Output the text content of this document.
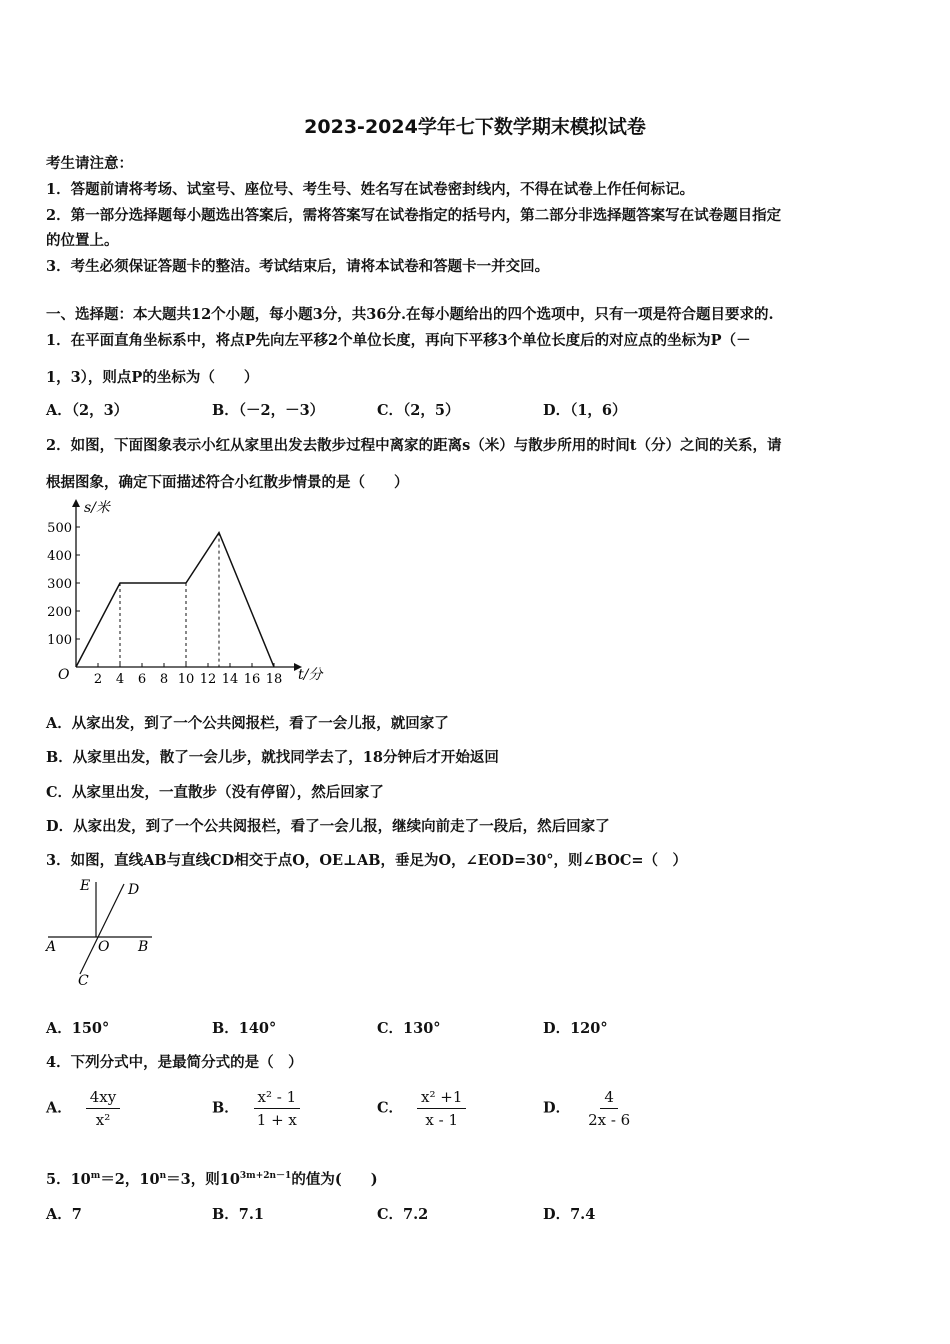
2023-2024学年七下数学期末模拟试卷
考生请注意：
1．答题前请将考场、试室号、座位号、考生号、姓名写在试卷密封线内，不得在试卷上作任何标记。
2．第一部分选择题每小题选出答案后，需将答案写在试卷指定的括号内，第二部分非选择题答案写在试卷题目指定
的位置上。
3．考生必须保证答题卡的整洁。考试结束后，请将本试卷和答题卡一并交回。
一、选择题：本大题共12个小题，每小题3分，共36分.在每小题给出的四个选项中，只有一项是符合题目要求的.
1．在平面直角坐标系中，将点P先向左平移2个单位长度，再向下平移3个单位长度后的对应点的坐标为P（－
1，3），则点P的坐标为（　　）
A．（2，3）	B．（－2，－3）	C．（2，5）	D．（1，6）
2．如图，下面图象表示小红从家里出发去散步过程中离家的距离s（米）与散步所用的时间t（分）之间的关系，请
根据图象，确定下面描述符合小红散步情景的是（　　）
s/米
t/分
O 2 4 6 8 10 12 14 16 18
100
200
300
400
500
A．从家出发，到了一个公共阅报栏，看了一会儿报，就回家了
B．从家里出发，散了一会儿步，就找同学去了，18分钟后才开始返回
C．从家里出发，一直散步（没有停留），然后回家了
D．从家出发，到了一个公共阅报栏，看了一会儿报，继续向前走了一段后，然后回家了
3．如图，直线AB与直线CD相交于点O，OE⊥AB，垂足为O，∠EOD=30°，则∠BOC=（　）
E	D
A	O B
C
A．150°	B．140°	C．130°	D．120°
4．下列分式中，是最简分式的是（　）
A． $\frac{4xy}{\text{x²}}$	B． $\frac{\text{x² - 1}}{1 + x}$	C． $\frac{\text{x² +1}}{x - 1}$	D． $\frac{4}{2x - 6}$
5．$10^m=2$，$10^n=3$，则$10^{3m+2n-1}$的值为(　　)
A．7	B．7.1	C．7.2	D．7.4
